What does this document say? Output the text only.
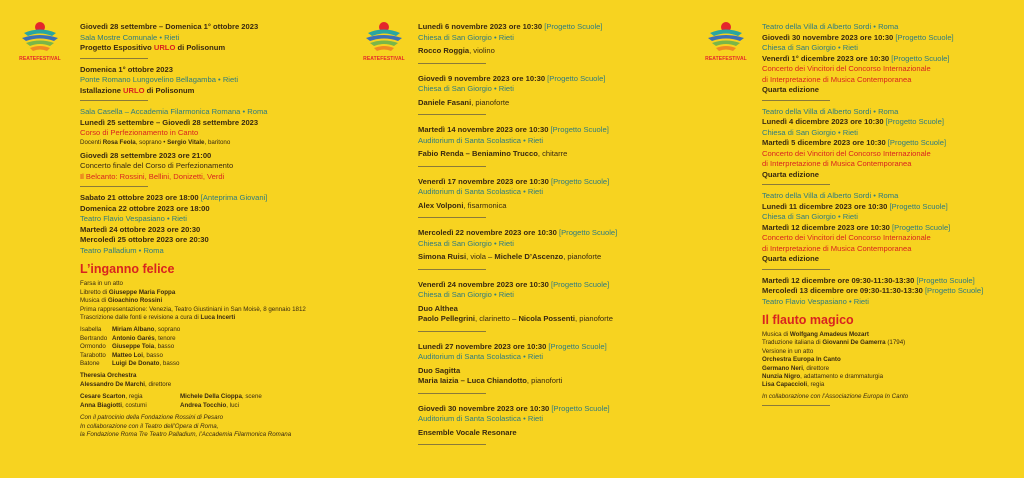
REATEFESTIVAL	REATEFESTIVAL	REATEFESTIVAL
Giovedì 28 settembre – Domenica 1° ottobre 2023
Sala Mostre Comunale • Rieti
Progetto Espositivo URLO di Polisonum
Domenica 1° ottobre 2023
Ponte Romano Lungovelino Bellagamba • Rieti
Istallazione URLO di Polisonum
Sala Casella – Accademia Filarmonica Romana • Roma
Lunedì 25 settembre – Giovedì 28 settembre 2023
Corso di Perfezionamento in Canto
Docenti Rosa Feola, soprano • Sergio Vitale, baritono
Giovedì 28 settembre 2023 ore 21:00
Concerto finale del Corso di Perfezionamento
Il Belcanto: Rossini, Bellini, Donizetti, Verdi
Sabato 21 ottobre 2023 ore 18:00 [Anteprima Giovani]
Domenica 22 ottobre 2023 ore 18:00
Teatro Flavio Vespasiano • Rieti
Martedì 24 ottobre 2023 ore 20:30
Mercoledì 25 ottobre 2023 ore 20:30
Teatro Palladium • Roma
L’inganno felice
Farsa in un atto
Libretto di Giuseppe Maria Foppa
Musica di Gioachino Rossini
Prima rappresentazione: Venezia, Teatro Giustiniani in San Moisè, 8 gennaio 1812
Trascrizione dalle fonti e revisione a cura di Luca Incerti
Isabella	Miriam Albano, soprano
Bertrando Antonio Garés, tenore
Ormondo	Giuseppe Toia, basso
Tarabotto Matteo Loi, basso
Batone	Luigi De Donato, basso
Theresia Orchestra
Alessandro De Marchi, direttore
Cesare Scarton, regia	Michele Della Cioppa, scene
Anna Biagiotti, costumi	Andrea Tocchio, luci
Con il patrocinio della Fondazione Rossini di Pesaro
In collaborazione con il Teatro dell’Opera di Roma,
la Fondazione Roma Tre Teatro Palladium, l’Accademia Filarmonica Romana
Lunedì 6 novembre 2023 ore 10:30 [Progetto Scuole]
Chiesa di San Giorgio • Rieti
Rocco Roggia, violino
Giovedì 9 novembre 2023 ore 10:30 [Progetto Scuole]
Chiesa di San Giorgio • Rieti
Daniele Fasani, pianoforte
Martedì 14 novembre 2023 ore 10:30 [Progetto Scuole]
Auditorium di Santa Scolastica • Rieti
Fabio Renda – Beniamino Trucco, chitarre
Venerdì 17 novembre 2023 ore 10:30 [Progetto Scuole]
Auditorium di Santa Scolastica • Rieti
Alex Volponi, fisarmonica
Mercoledì 22 novembre 2023 ore 10:30 [Progetto Scuole]
Chiesa di San Giorgio • Rieti
Simona Ruisi, viola – Michele D’Ascenzo, pianoforte
Venerdì 24 novembre 2023 ore 10:30 [Progetto Scuole]
Chiesa di San Giorgio • Rieti
Duo Althea
Paolo Pellegrini, clarinetto – Nicola Possenti, pianoforte
Lunedì 27 novembre 2023 ore 10:30 [Progetto Scuole]
Auditorium di Santa Scolastica • Rieti
Duo Sagitta
Maria Iaizia – Luca Chiandotto, pianoforti
Giovedì 30 novembre 2023 ore 10:30 [Progetto Scuole]
Auditorium di Santa Scolastica • Rieti
Ensemble Vocale Resonare
Teatro della Villa di Alberto Sordi • Roma
Giovedì 30 novembre 2023 ore 10:30 [Progetto Scuole]
Chiesa di San Giorgio • Rieti
Venerdì 1° dicembre 2023 ore 10:30 [Progetto Scuole]
Concerto dei Vincitori del Concorso Internazionale
di Interpretazione di Musica Contemporanea
Quarta edizione
Teatro della Villa di Alberto Sordi • Roma
Lunedì 4 dicembre 2023 ore 10:30 [Progetto Scuole]
Chiesa di San Giorgio • Rieti
Martedì 5 dicembre 2023 ore 10:30 [Progetto Scuole]
Concerto dei Vincitori del Concorso Internazionale
di Interpretazione di Musica Contemporanea
Quarta edizione
Teatro della Villa di Alberto Sordi • Roma
Lunedì 11 dicembre 2023 ore 10:30 [Progetto Scuole]
Chiesa di San Giorgio • Rieti
Martedì 12 dicembre 2023 ore 10:30 [Progetto Scuole]
Concerto dei Vincitori del Concorso Internazionale
di Interpretazione di Musica Contemporanea
Quarta edizione
Martedì 12 dicembre ore 09:30-11:30-13:30 [Progetto Scuole]
Mercoledì 13 dicembre ore 09:30-11:30-13:30 [Progetto Scuole]
Teatro Flavio Vespasiano • Rieti
Il flauto magico
Musica di Wolfgang Amadeus Mozart
Traduzione italiana di Giovanni De Gamerra (1794)
Versione in un atto
Orchestra Europa In Canto
Germano Neri, direttore
Nunzia Nigro, adattamento e drammaturgia
Lisa Capaccioli, regia
In collaborazione con l’Associazione Europa In Canto
